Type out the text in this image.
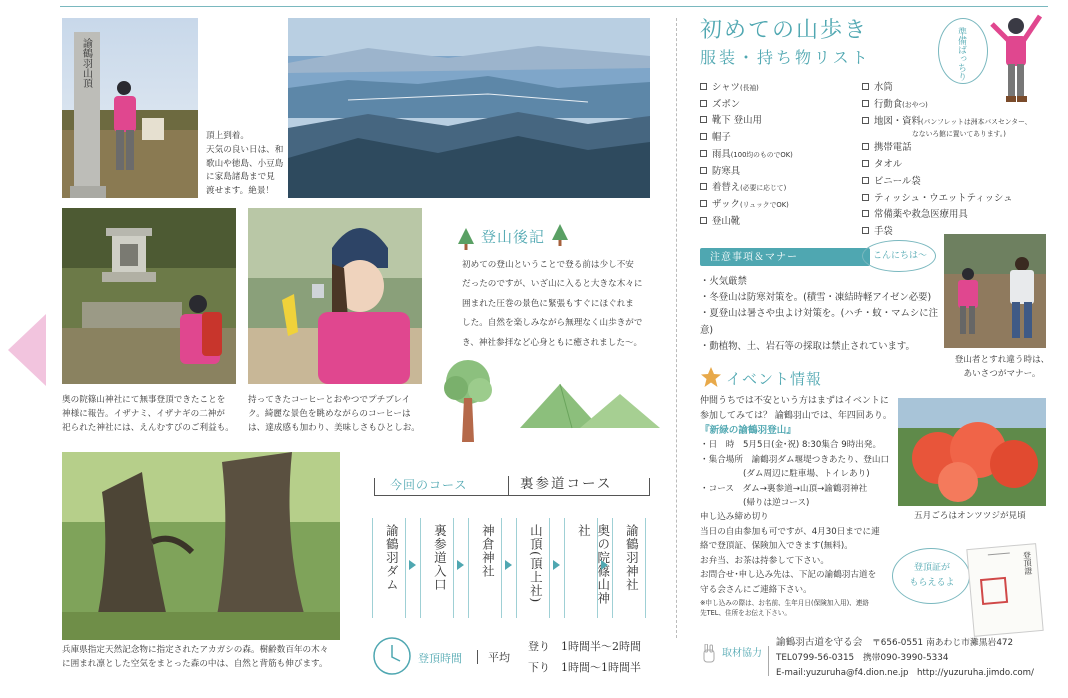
諭鶴羽山頂
頂上到着。
天気の良い日は、和
歌山や徳島、小豆島
に家島諸島まで見
渡せます。絶景！
奥の院篠山神社にて無事登頂できたことを
神様に報告。イザナミ、イザナギの二神が
祀られた神社には、えんむすびのご利益も。
持ってきたコーヒーとおやつでプチブレイ
ク。綺麗な景色を眺めながらのコーヒーは
は、達成感も加わり、美味しさもひとしお。
登山後記
初めての登山ということで登る前は少し不安
だったのですが、いざ山に入ると大きな木々に
囲まれた圧巻の景色に緊張もすぐにほぐれま
した。自然を楽しみながら無理なく山歩きがで
き、神社参拝など心身ともに癒されました〜。
兵庫県指定天然記念物に指定されたアカガシの森。樹齢数百年の木々
に囲まれ凛とした空気をまとった森の中は、自然と背筋も伸びます。
今回のコース	裏参道コース
諭鶴羽ダム	裏参道入口	神倉神社	山頂(頂上社)	奥の院篠山神社	諭鶴羽神社
登頂時間 平均
登り　1時間半～2時間
下り　1時間～1時間半
初めての山歩き
服装・持ち物リスト	準備ばっちり
シャツ(長袖)
ズボン
靴下 登山用
帽子
雨具(100均のものでOK)
防寒具
着替え(必要に応じて)
ザック(リュックでOK)
登山靴
水筒
行動食(おやつ)
地図・資料(パンフレットは洲本バスセンター、
なないろ館に置いてあります。)
携帯電話
タオル
ビニール袋
ティッシュ・ウエットティッシュ
常備薬や救急医療用具
手袋
注意事項＆マナー	こんにちは〜
・火気厳禁
・冬登山は防寒対策を。(積雪・凍結時軽アイゼン必要)
・夏登山は暑さや虫よけ対策を。(ハチ・蚊・マムシに注意)
・動植物、土、岩石等の採取は禁止されています。
登山者とすれ違う時は、
あいさつがマナー。
イベント情報
仲間うちでは不安という方はまずはイベントに
参加してみては？ 諭鶴羽山では、年四回あり。
『新緑の諭鶴羽登山』
・日　時　5月5日(金･祝) 8:30集合 9時出発。
・集合場所　諭鶴羽ダム堰堤つきあたり、登山口
　　　　　(ダム周辺に駐車場、トイレあり)
・コース　ダム→裏参道→山頂→諭鶴羽神社
　　　　　(帰りは逆コース)
申し込み締め切り
当日の自由参加も可ですが、4月30日までに連
絡で登頂証、保険加入できます(無料)。
お弁当、お茶は持参して下さい。
お問合せ･申し込み先は、下記の諭鶴羽古道を
守る会さんにご連絡下さい。
※申し込みの際は、お名前、生年月日(保険加入用)、連絡
先TEL、住所をお伝え下さい。
五月ごろはオンツツジが見頃
登頂証が
もらえるよ
登頂證
取材協力
諭鶴羽古道を守る会 〒656-0551 南あわじ市灘黒岩472
TEL0799-56-0315　携帯090-3990-5334
E-mail:yuzuruha@f4.dion.ne.jp　http://yuzuruha.jimdo.com/
